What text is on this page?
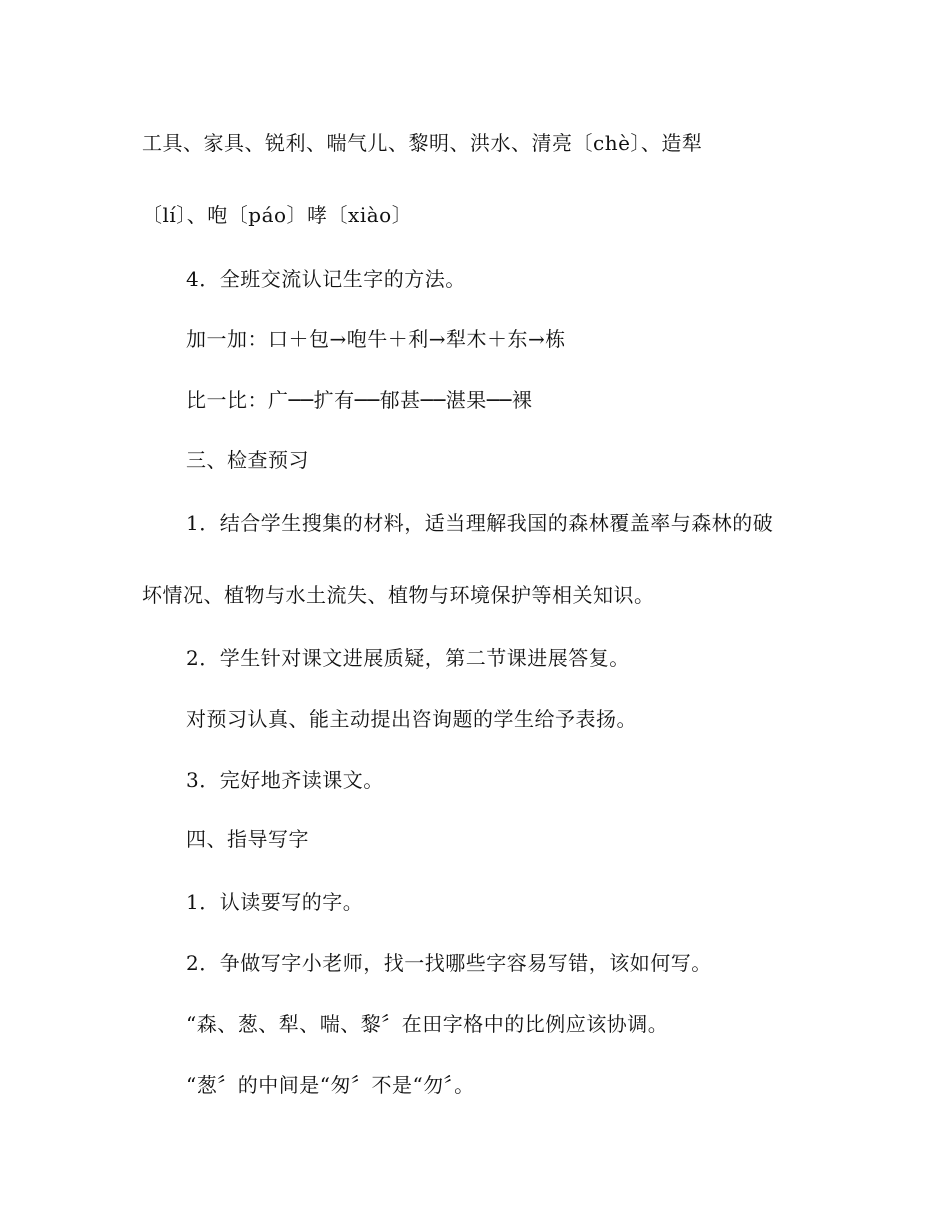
工具、家具、锐利、喘气儿、黎明、洪水、清亮〔chè〕、造犁
〔lí〕、咆〔páo〕哮〔xiào〕
4．全班交流认记生字的方法。
加一加：口＋包→咆牛＋利→犁木＋东→栋
比一比：广──扩有──郁甚──湛果──裸
三、检查预习
1．结合学生搜集的材料，适当理解我国的森林覆盖率与森林的破
坏情况、植物与水土流失、植物与环境保护等相关知识。
2．学生针对课文进展质疑，第二节课进展答复。
对预习认真、能主动提出咨询题的学生给予表扬。
3．完好地齐读课文。
四、指导写字
1．认读要写的字。
2．争做写字小老师，找一找哪些字容易写错，该如何写。
“森、葱、犁、喘、黎〞在田字格中的比例应该协调。
“葱〞的中间是“匆〞不是“勿〞。
